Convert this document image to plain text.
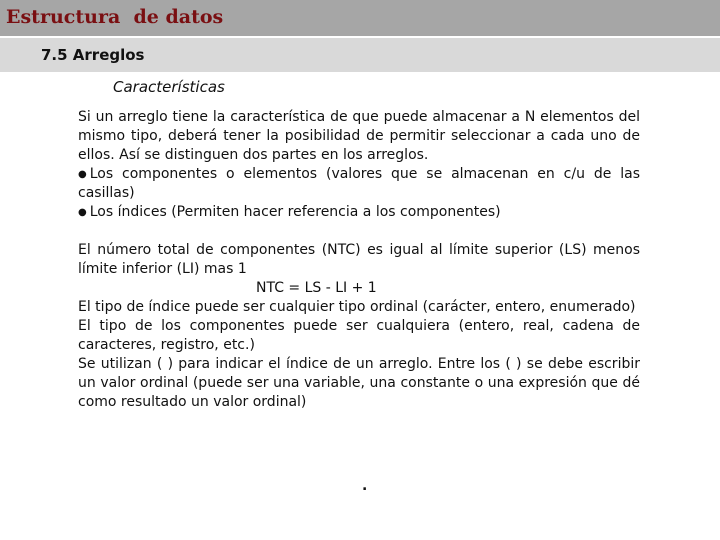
Estructura  de datos
7.5 Arreglos
Características

Si un arreglo tiene la característica de que puede almacenar a N elementos del mismo tipo, deberá tener la posibilidad de permitir seleccionar a cada uno de ellos. Así se distinguen dos partes en los arreglos.

● Los componentes o elementos (valores que se almacenan en c/u de las casillas)

● Los índices (Permiten hacer referencia a los componentes)

El número total de componentes (NTC) es igual al límite superior (LS) menos límite inferior (LI) mas 1

NTC = LS - LI + 1

El tipo de índice puede ser cualquier tipo ordinal (carácter, entero, enumerado)

El tipo de los componentes puede ser cualquiera (entero, real, cadena de caracteres, registro, etc.)

Se utilizan ( ) para indicar el índice de un arreglo. Entre los ( ) se debe escribir un valor ordinal (puede ser una variable, una constante o una expresión que dé como resultado un valor ordinal)

.
